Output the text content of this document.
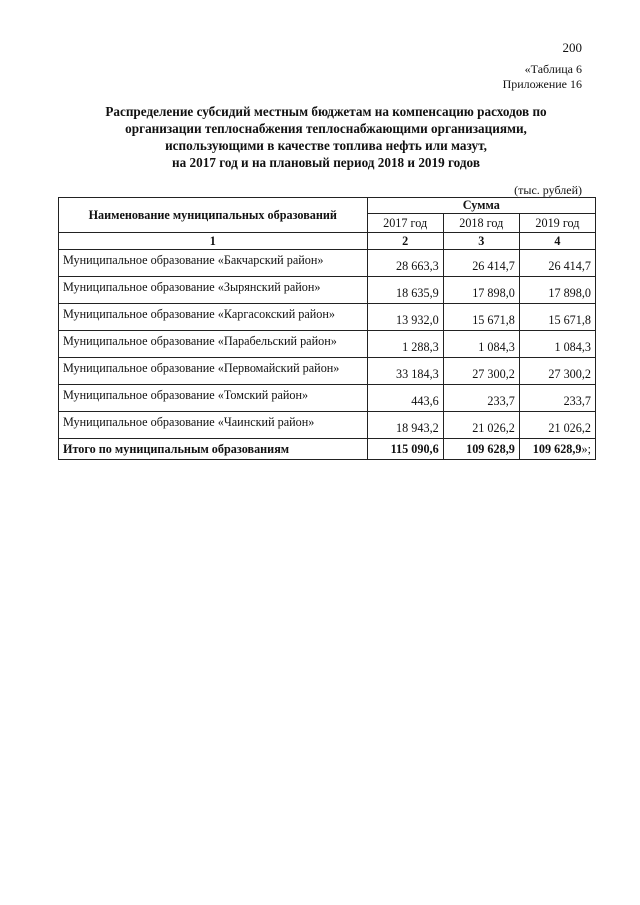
200
«Таблица 6
Приложение 16
Распределение субсидий местным бюджетам на компенсацию расходов по
организации теплоснабжения теплоснабжающими организациями,
использующими в качестве топлива нефть или мазут,
на 2017 год и на плановый период 2018 и 2019 годов
(тыс. рублей)
Наименование муниципальных образований	Сумма		
	2017 год	2018 год	2019 год
1	2	3	4
Муниципальное образование «Бакчарский район»	28 663,3	26 414,7	26 414,7
Муниципальное образование «Зырянский район»	18 635,9	17 898,0	17 898,0
Муниципальное образование «Каргасокский район»	13 932,0	15 671,8	15 671,8
Муниципальное образование «Парабельский район»	1 288,3	1 084,3	1 084,3
Муниципальное образование «Первомайский район»	33 184,3	27 300,2	27 300,2
Муниципальное образование «Томский район»	443,6	233,7	233,7
Муниципальное образование «Чаинский район»	18 943,2	21 026,2	21 026,2
Итого по муниципальным образованиям	115 090,6	109 628,9	109 628,9»;
